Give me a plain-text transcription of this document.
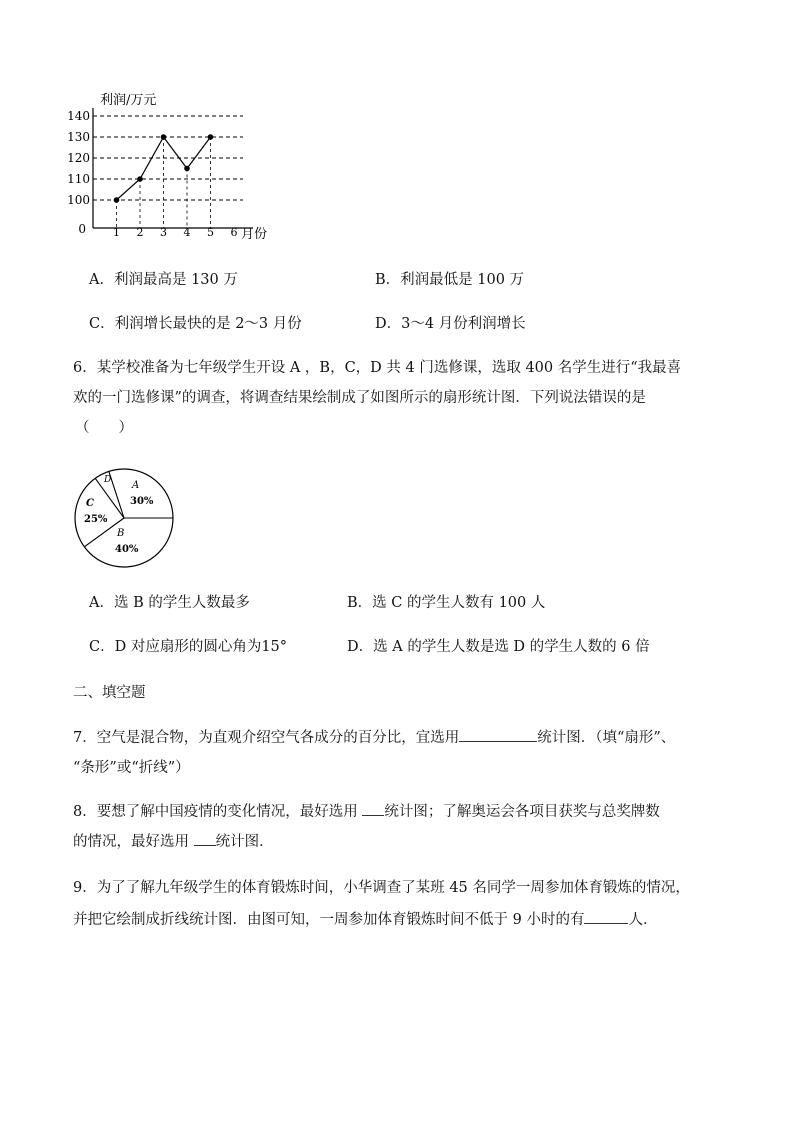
140
130
120
110
100
1 2 3 4 5 6
利润/万元
月份
0
A．利润最高是 130 万	B．利润最低是 100 万
C．利润增长最快的是 2～3 月份	D．3～4 月份利润增长
6．某学校准备为七年级学生开设 A ，B，C，D 共 4 门选修课，选取 400 名学生进行“我最喜
欢的一门选修课”的调查，将调查结果绘制成了如图所示的扇形统计图．下列说法错误的是
（　　）
A
30%
C
25%
B
40%
D
A．选 B 的学生人数最多	B．选 C 的学生人数有 100 人
C．D 对应扇形的圆心角为15°	D．选 A 的学生人数是选 D 的学生人数的 6 倍
二、填空题
7．空气是混合物，为直观介绍空气各成分的百分比，宜选用	统计图．（填“扇形”、
“条形”或“折线”）
8．要想了解中国疫情的变化情况，最好选用 统计图；了解奥运会各项目获奖与总奖牌数
的情况，最好选用 统计图．
9．为了了解九年级学生的体育锻炼时间，小华调查了某班 45 名同学一周参加体育锻炼的情况，
并把它绘制成折线统计图．由图可知，一周参加体育锻炼时间不低于 9 小时的有	人．
